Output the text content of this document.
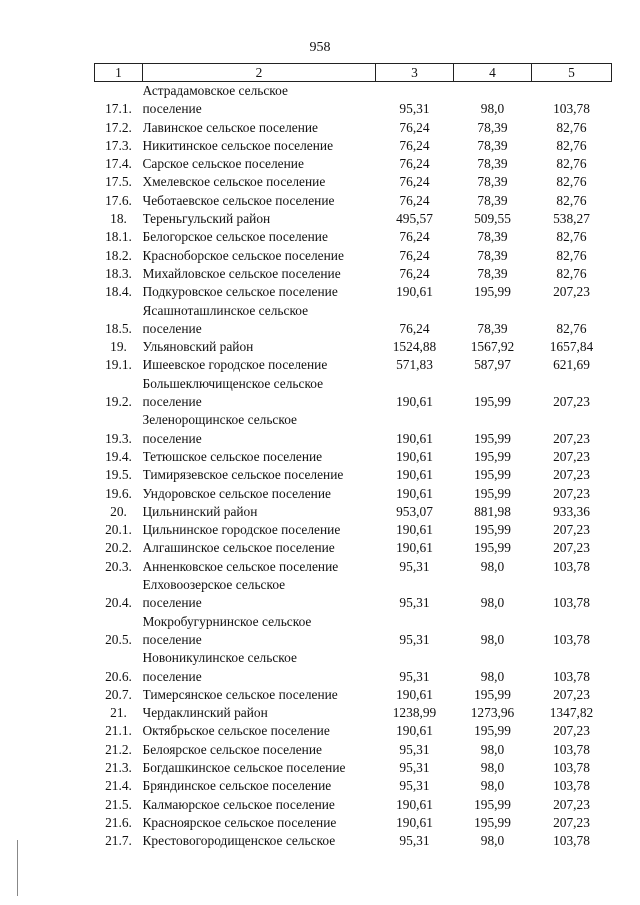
958
1	2	3	4	5
17.1.	Астрадамовское сельское
поселение	95,31	98,0	103,78
17.2.	Лавинское сельское поселение	76,24	78,39	82,76
17.3.	Никитинское сельское поселение	76,24	78,39	82,76
17.4.	Сарское сельское поселение	76,24	78,39	82,76
17.5.	Хмелевское сельское поселение	76,24	78,39	82,76
17.6.	Чеботаевское сельское поселение	76,24	78,39	82,76
18.	Тереньгульский район	495,57	509,55	538,27
18.1.	Белогорское сельское поселение	76,24	78,39	82,76
18.2.	Красноборское сельское поселение	76,24	78,39	82,76
18.3.	Михайловское сельское поселение	76,24	78,39	82,76
18.4.	Подкуровское сельское поселение	190,61	195,99	207,23
18.5.	Ясашноташлинское сельское
поселение	76,24	78,39	82,76
19.	Ульяновский район	1524,88	1567,92	1657,84
19.1.	Ишеевское городское поселение	571,83	587,97	621,69
19.2.	Большеключищенское сельское
поселение	190,61	195,99	207,23
19.3.	Зеленорощинское сельское
поселение	190,61	195,99	207,23
19.4.	Тетюшское сельское поселение	190,61	195,99	207,23
19.5.	Тимирязевское сельское поселение	190,61	195,99	207,23
19.6.	Ундоровское сельское поселение	190,61	195,99	207,23
20.	Цильнинский район	953,07	881,98	933,36
20.1.	Цильнинское городское поселение	190,61	195,99	207,23
20.2.	Алгашинское сельское поселение	190,61	195,99	207,23
20.3.	Анненковское сельское поселение	95,31	98,0	103,78
20.4.	Елховоозерское сельское
поселение	95,31	98,0	103,78
20.5.	Мокробугурнинское сельское
поселение	95,31	98,0	103,78
20.6.	Новоникулинское сельское
поселение	95,31	98,0	103,78
20.7.	Тимерсянское сельское поселение	190,61	195,99	207,23
21.	Чердаклинский район	1238,99	1273,96	1347,82
21.1.	Октябрьское сельское поселение	190,61	195,99	207,23
21.2.	Белоярское сельское поселение	95,31	98,0	103,78
21.3.	Богдашкинское сельское поселение	95,31	98,0	103,78
21.4.	Бряндинское сельское поселение	95,31	98,0	103,78
21.5.	Калмаюрское сельское поселение	190,61	195,99	207,23
21.6.	Красноярское сельское поселение	190,61	195,99	207,23
21.7.	Крестовогородищенское сельское	95,31	98,0	103,78
